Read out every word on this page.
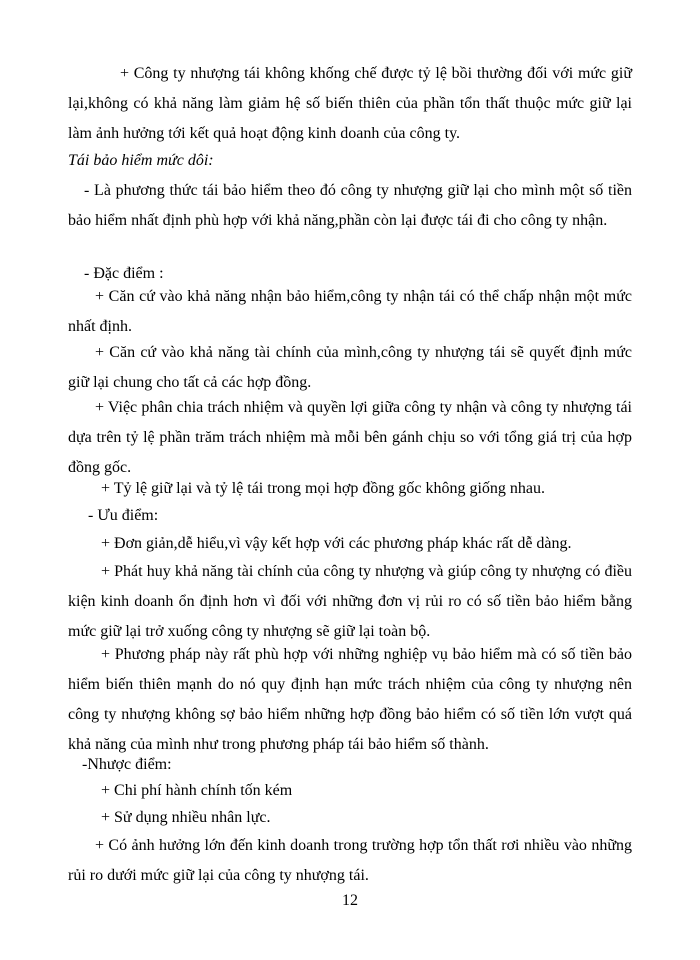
+ Công ty nhượng tái không khống chế được tỷ lệ bồi thường đối với mức giữ lại,không có khả năng làm giảm hệ số biến thiên của phần tổn thất thuộc mức giữ lại làm ảnh hưởng tới kết quả hoạt động kinh doanh của công ty.

Tái bảo hiểm mức dôi:

- Là phương thức tái bảo hiểm theo đó công ty nhượng giữ lại cho mình một số tiền bảo hiểm nhất định phù hợp với khả năng,phần còn lại được tái đi cho công ty nhận.

- Đặc điểm :

+ Căn cứ vào khả năng nhận bảo hiểm,công ty nhận tái có thể chấp nhận một mức nhất định.

+ Căn cứ vào khả năng tài chính của mình,công ty nhượng tái sẽ quyết định mức giữ lại chung cho tất cả các hợp đồng.

+ Việc phân chia trách nhiệm và quyền lợi giữa công ty nhận và công ty nhượng tái dựa trên tỷ lệ phần trăm trách nhiệm mà mỗi bên gánh chịu so với tổng giá trị của hợp đồng gốc.

+ Tỷ lệ giữ lại và tỷ lệ tái trong mọi hợp đồng gốc không giống nhau.

- Ưu điểm:

+ Đơn giản,dễ hiểu,vì vậy kết hợp với các phương pháp khác rất dễ dàng.

+ Phát huy khả năng tài chính của công ty nhượng và giúp công ty nhượng có điều kiện kinh doanh ổn định hơn vì đối với những đơn vị rủi ro có số tiền bảo hiểm bằng mức giữ lại trở xuống công ty nhượng sẽ giữ lại toàn bộ.

+ Phương pháp này rất phù hợp với những nghiệp vụ bảo hiểm mà có số tiền bảo hiểm biến thiên mạnh do nó quy định hạn mức trách nhiệm của công ty nhượng nên công ty nhượng không sợ bảo hiểm những hợp đồng bảo hiểm có số tiền lớn vượt quá khả năng của mình như trong phương pháp tái bảo hiểm số thành.

-Nhược điểm:

+ Chi phí hành chính tốn kém

+ Sử dụng nhiều nhân lực.

+ Có ảnh hưởng lớn đến kinh doanh trong trường hợp tổn thất rơi nhiều vào những rủi ro dưới mức giữ lại của công ty nhượng tái.

12
